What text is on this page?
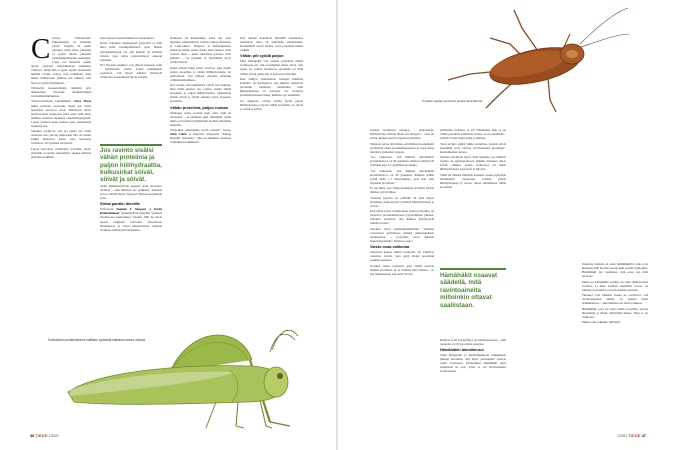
Chicago 1920-luvulla. Pikkulapselle on kaatunut pöytä. Tarjolle on pantu perunaa, riisiä, lihaa, pinaattia ja paljon muuta yhteensä kolmisenkymmentä ruokalajia. Lapsi saa maistella ruokia täysin vapaasti. Sairaanhoitaja tarkkailee valitseva, mutta hän ei puutu lapsen syömiseen millään tavalla. Kirjaa vain tarkalleen, mitä hänen kulhoistaan puuttuu sen jälkeen, kun lapsi on syönyt kylläkseen.

Tällaisella koeasetelmalla tutkittiin eräs lääketieteen historian merkittävimpiä ravitsemustutkimuksia.

Yhdysvaltalainen lastenlääkäri Clara Davis päätti selvittää, osaavatko lapset itse valita tarpeitaan vastaavat ruoat. Tutkittavat olivat puolivuotiaita taaperoita, jotka eivät vielä olleet ehtineet omaksua aikuisten ruokamieltymyksiä. Lapset pääsivät koko kokeen ajan valitsemaan ruokansa itse.

Tulokset osoittivat, että jos lapsia saa valita ruokansa itse, pärvisi päätosoksi hän on saanut kaikki makronsa tasan, joita kasvuaan ravitsevat, eli syöjänsä tarvitsivat.

Lapset kasvoivat ravinnoista terveiksi, mutta yksikään ei syönyt samanlaista ruokaa kahtena päivänä peräkkäin.

juuri omaan tarpeen mukaiset ravintoaineet.

Davis vakuuttui tuloksestaan pysyvästi ja tutki niitä lisää vuosikymmenten ajan. Hänen johtopäätöksensä oli, että keholla on sisäinen viisaus, joka ohjaa ruokavalintoja oikeaan suuntaan.

Nyt Davisin ajatukset ovat jälleen nousseet esiin – hyönteisten avulla. Uudet tutkimukset osoittavat, että monet eläimet säätelevät ravintonsa koostumusta hyvin tarkasti.

Jos ravinto sisälsi vähän proteiinia ja paljon hiilihydraattia, kulkusirkat söivät, söivät ja söivät.

tiedät hämmästyttävän tarkasti, mitä tarvitseva ravinnot – eikä ihminen ole poikkeus. Tulokset voivat selittää myös nykyisen lihavuusepidemian syitä.

Sirkat pantiin dieetille

Professorit Stephen J. Simpson ja David Raubenheimer työskentelivät nykyään Sydneyn yliopistossa Australiassa. Vuonna 1991 he olivat nuoria tutkijoita Oxfordin yliopistossa Britanniassa ja olivat kiinnostuneita eläinten ravinnon sääntelystä tarkemmin.

Kohteena oli kulkusirkka, sama laji, joka aiheuttaa säännöllisesti valtavia tuhoja Afrikassa ja Lähi-idässä. Simpson ja Raubenheimer halusivat tietää, syökö sirkka mitä tahansa, mitä vastaan tulee – kuten tuhoisista parvista voisi päätellä – vai pyrkiikö se täyttämään tietyt ravintotarpeet.

Kuusi päivää sirkat saivat ravintoa, joka sisälsi paljon proteiinia ja vähän hiilihydraatteja, tai päinvastoin. Sen jälkeen sirkoille annettiin valintamahdollisuus.

Koe osoitti, että kulkusirkat söivät sen mukaan, mitä niiltä puuttui. Jos ravinto sisälsi vähän proteiinia ja paljon hiilihydraattia, kulkusirkat söivät, söivät ja söivät, kunnes saivat tarpeeksi proteiinia.

Vähän proteiinia, paljon ruokaa

Sirkkojen ruoka koostui juuri siitä, mitä ne tarvitsivat – ei enempää eikä vähempää. Sama ilmiö on havaittu myöhemmin monilla muillakin eläimillä.

"Proteiinia säätelemme hyvin tarkasti", kertoo John Calen ja kirjoittaa kirjassaan "Taking Heredity Seriously", joka on tutkimus ravinnon vaikutuksesta ihmiseen.

Kun tutkijat kokeilivat ihmisillä samanlaista asetelmaa, tulos oli yllättävän samanlainen. Koehenkilöt saivat ruokaa, jossa proteiinin määrä vaihteli.

Vähän piti syödä paljon

Mitä lähempänä tätä osuutta proteiinin määrä ravinnossa oli, sitä tervempänä sirkat olivat. Sen sijaan ne, joiden ravinnossa proteiinia oli liian vähän, söivät jatkuvasti ja kasvoivat lihaviksi.

Kun tutkijat tarkastelivat tuloksia ihmisten kohdalla, he huomasivat, että ihmiset säätelevät proteiinin saantiaan tarkemmin kuin hiilihydraattien tai rasvojen. Jos ravinnon proteiinipitoisuus laskee, ihminen syö enemmän.

Jos sirkkojen ravinto sisälsi hyvin paljon hiilihydraattia ja hyvin vähän proteiinia, ne söivät ja söivät ja söivät.

Kulkusirkan proteiinintarve hallitsee syömistä kaikissa ravinto-oloissa.
46 TIEDE 1/2021
Torakka vaeltaa proteiinia ketonä alinnäitömä.

saaneet ravinnosta energiaa – päinvastoin, hiilihydraatti säästää mutta saa energiaa – vaan ne söivät, kunnes saivat tarpeeksi proteiinia.

Simpson vertaa tätä siihen, että ihmiset koehenkilöt tyydyttivät ensin proteiinintarpeensa ja vasta sitten muiden ravinteiden tarpeen.

"Jos laskettaan, että ihmisen päivittäinen proteiinintarve on 90 grammaa, ihmiset päätyisivät syömään jopa 2,7 grammaa proteiinia.

"Jos laskettaan, että ihmisen päivittäinen proteiinintarve on 90 grammaa, ihmisen pitäisi syödä riisiä 1,1 kilogrammaa, jotta hän saisi tarpeeksi proteiinia."

Ei siis ihme, että vähäproteiinisen ravinnon aikana ihmiset syövät liikaa.

"Kokeen lopussa eri ryhmillä oli yhtä paljon proteiinia, mutta hyvin eri määrä hiilihydraatteja ja rasvaa."

Kun sirkat saivat ravinnostaan paljon proteiinia, ne lopettivat proteiinintarpeen tyydyttämisen jälkeen. Tulokset osoittivat, että ihmiset käyttäytyvät samalla tavalla.

Tulokset olivat ennennäkemättömiä: "Olimme vastaavasti selvittäneet eräiden yksityiskohtien merkityksen – proteiinin tarve määräsi kokonaissyönnin", Simpson sanoo.

Vaisto osaa valikoida

Seuraavat kokeet tehtiin torakoilla. Ne valitsivat ruokansa tavalla, joka pitää niiden proteiinin saannin tasaisena.

Torakka valitsi ravinnon, joka sisälsi sopivan määrän proteiinia. Se ei valinnut mitä tahansa – se etsi nimenomaan sitä, mitä tarvitsi.

sisältävän ravinnon, se söi vähemmän. Kun se sai vähän proteiinia sisältävää ruokaa, se söi enemmän – samalla tavalla kuin sirkat ja ihmiset.

"Kun ravinto sisälsi vähän proteiinia, torakat söivät enemmän, jotta saisivat tarvitsemansa proteiinin", Raubenheimer kertoo.

Tutkijat selvittivät myös, mitä tapahtuu, jos eläimen ravinto on epätasapainossa pitkään. Tulokset olivat selviä: eläimet, joiden ravinnossa oli liikaa hiilihydraatteja, kasvoivat ja lihoivat.

Tämä on tärkeää ihmisten kannalta, koska nykyinen länsimainen ruokavalio sisältää paljon hiilihydraatteja ja rasvaa, mutta suhteellisen vähän proteiinia.

Hämähäkit osaavat säädellä, mitä ravintoaineita milloinkin ottavat saaliistaan.

kuluttaa se eli syödyttäkyy proteiinintarpeensa – eikä torakalla ole 30 prosenttia energiaa.

Hämähäkki taimäimuroi

Vielä Simpsonin ja Raubenheimerin tutkimusten jälkeen havaittiin, että myös petoeläimet osaavat valita ravintonsa. Esimerkiksi hämähäkki imee saaliistaan ne osat, joista se saa tarvitsemansa ravintoaineet.

Erikoisia tuloksia on saatu hämähäkeillä, jotka ovat kuuluisia niin kovana petona kuin saaliin valikoijina. Hämähäkki syö saaliistaan vain osan, sen mitä tarvitsee.

Mutta jos hämähäkin saaliina on ollut vähärasvaista ravintoa, se imee saaliista enemmän rasvaa. Se säätelee proteiinin ja rasvan suhdetta tarkasti.

Tulokset ovat tärkeitä, koska ne osoittavat, että ravintoaineiden säätely on yleinen ilmiö eläinkunnassa – eikä ihminen ole tässä poikkeus.

Hämähäkki, joka saa liian vähän proteiinia, kasvaa hitaammin ja munii vähemmän munia. Siksi se on valikoiva.

Entäpä oma lajimme, ihminen?

1/2021 TIEDE 47
